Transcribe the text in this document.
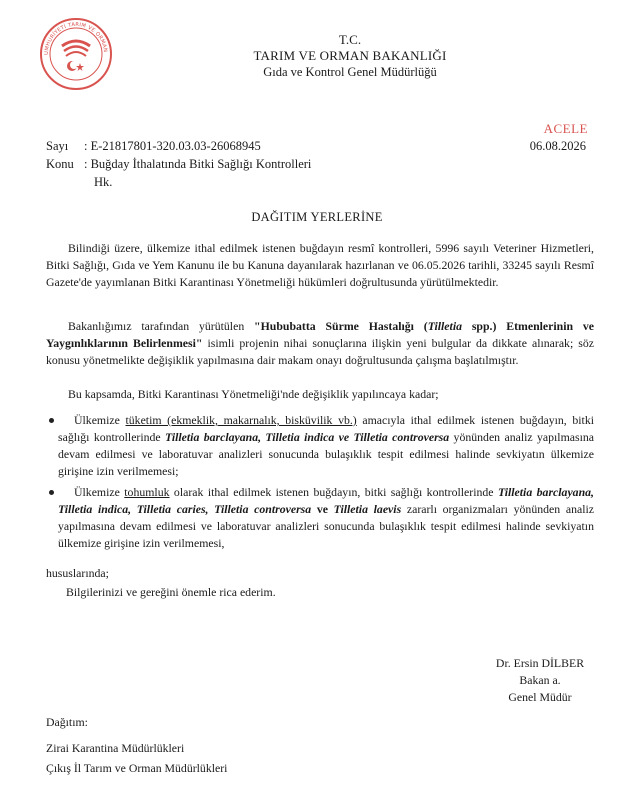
UMHURİYETİ TARIM VE ORMAN
T.C.
TARIM VE ORMAN BAKANLIĞI
Gıda ve Kontrol Genel Müdürlüğü
Sayı : E-21817801-320.03.03-26068945
Konu : Buğday İthalatında Bitki Sağlığı Kontrolleri
Hk.
ACELE
06.08.2026
DAĞITIM YERLERİNE

Bilindiği üzere, ülkemize ithal edilmek istenen buğdayın resmî kontrolleri, 5996 sayılı Veteriner Hizmetleri, Bitki Sağlığı, Gıda ve Yem Kanunu ile bu Kanuna dayanılarak hazırlanan ve 06.05.2026 tarihli, 33245 sayılı Resmî Gazete'de yayımlanan Bitki Karantinası Yönetmeliği hükümleri doğrultusunda yürütülmektedir.

Bakanlığımız tarafından yürütülen "Hububatta Sürme Hastalığı (Tilletia spp.) Etmenlerinin ve Yaygınlıklarının Belirlenmesi" isimli projenin nihai sonuçlarına ilişkin yeni bulgular da dikkate alınarak; söz konusu yönetmelikte değişiklik yapılmasına dair makam onayı doğrultusunda çalışma başlatılmıştır.

Bu kapsamda, Bitki Karantinası Yönetmeliği'nde değişiklik yapılıncaya kadar;

Ülkemize tüketim (ekmeklik, makarnalık, bisküvilik vb.) amacıyla ithal edilmek istenen buğdayın, bitki sağlığı kontrollerinde Tilletia barclayana, Tilletia indica ve Tilletia controversa yönünden analiz yapılmasına devam edilmesi ve laboratuvar analizleri sonucunda bulaşıklık tespit edilmesi halinde sevkiyatın ülkemize girişine izin verilmemesi;

Ülkemize tohumluk olarak ithal edilmek istenen buğdayın, bitki sağlığı kontrollerinde Tilletia barclayana, Tilletia indica, Tilletia caries, Tilletia controversa ve Tilletia laevis zararlı organizmaları yönünden analiz yapılmasına devam edilmesi ve laboratuvar analizleri sonucunda bulaşıklık tespit edilmesi halinde sevkiyatın ülkemize girişine izin verilmemesi,

hususlarında;
Bilgilerinizi ve gereğini önemle rica ederim.
Dr. Ersin DİLBER
Bakan a.
Genel Müdür
Dağıtım:
Zirai Karantina Müdürlükleri
Çıkış İl Tarım ve Orman Müdürlükleri
